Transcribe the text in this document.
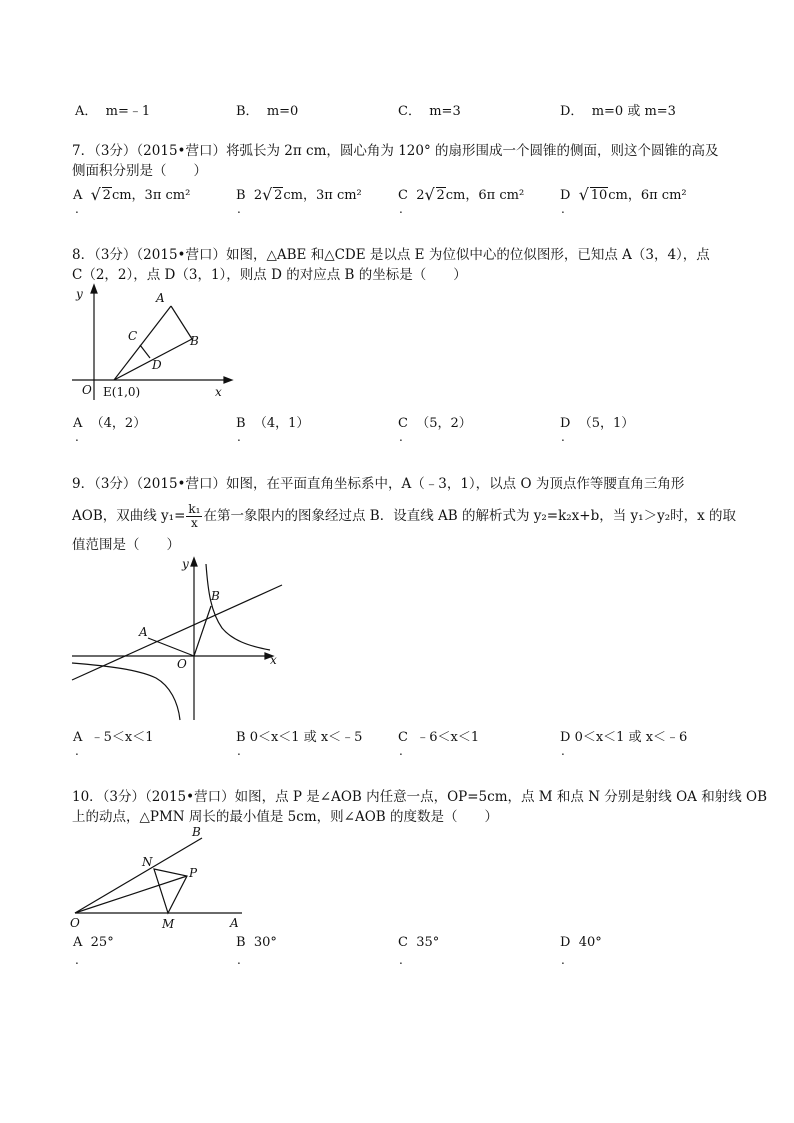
A． m=﹣1	B． m=0	C． m=3	D． m=0 或 m=3
7．（3分）（2015•营口）将弧长为 2π cm，圆心角为 120° 的扇形围成一个圆锥的侧面，则这个圆锥的高及
侧面积分别是（　　）
A √ 2cm，3π cm²	B 2 √ 2cm，3π cm²	C 2 √ 2cm，6π cm²	D √ 10cm，6π cm²
.	.	.	.
8．（3分）（2015•营口）如图，△ABE 和△CDE 是以点 E 为位似中心的位似图形，已知点 A（3，4），点
C（2，2），点 D（3，1），则点 D 的对应点 B 的坐标是（　　）
y
x
O
A
B
C
D
E(1,0)
A （4，2）	B （4，1）	C （5，2）	D （5，1）
.	.	.	.
9．（3分）（2015•营口）如图，在平面直角坐标系中，A（﹣3，1），以点 O 为顶点作等腰直角三角形
AOB，双曲线 $y_1= \frac{\text{k₁}}{x}$ 在第一象限内的图象经过点 B．设直线 AB 的解析式为 y₂=k₂x+b，当 y₁＞y₂时，x 的取
值范围是（　　）
y
x
O
A
B
A ﹣5＜x＜1	B 0＜x＜1 或 x＜﹣5	C ﹣6＜x＜1	D 0＜x＜1 或 x＜﹣6
.	.	.	.
10．（3分）（2015•营口）如图，点 P 是∠AOB 内任意一点，OP=5cm，点 M 和点 N 分别是射线 OA 和射线 OB
上的动点，△PMN 周长的最小值是 5cm，则∠AOB 的度数是（　　）
O	A
B
N
P
M
A 25°	B 30°	C 35°	D 40°
.	.	.	.
